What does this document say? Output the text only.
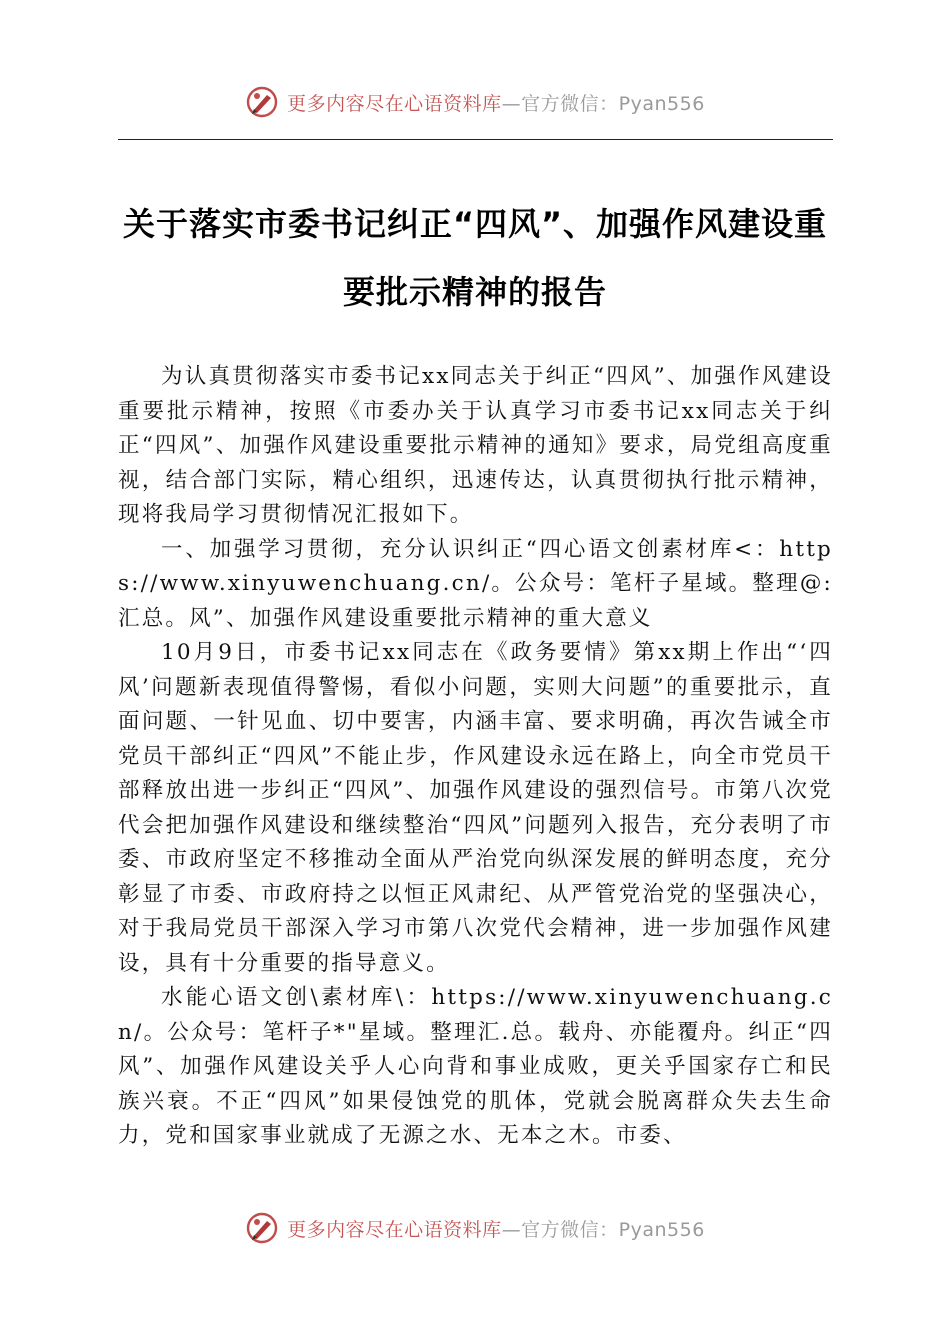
更多内容尽在心语资料库—官方微信：Pyan556
关于落实市委书记纠正“四风”、加强作风建设重要批示精神的报告

为认真贯彻落实市委书记xx同志关于纠正“四风”、加强作风建设重要批示精神，按照《市委办关于认真学习市委书记xx同志关于纠正“四风”、加强作风建设重要批示精神的通知》要求，局党组高度重视，结合部门实际，精心组织，迅速传达，认真贯彻执行批示精神，现将我局学习贯彻情况汇报如下。

一、加强学习贯彻，充分认识纠正“四心语文创素材库<：https://www.xinyuwenchuang.cn/。公众号：笔杆子星域。整理@:汇总。风”、加强作风建设重要批示精神的重大意义

10月9日，市委书记xx同志在《政务要情》第xx期上作出“‘四风’问题新表现值得警惕，看似小问题，实则大问题”的重要批示，直面问题、一针见血、切中要害，内涵丰富、要求明确，再次告诫全市党员干部纠正“四风”不能止步，作风建设永远在路上，向全市党员干部释放出进一步纠正“四风”、加强作风建设的强烈信号。市第八次党代会把加强作风建设和继续整治“四风”问题列入报告，充分表明了市委、市政府坚定不移推动全面从严治党向纵深发展的鲜明态度，充分彰显了市委、市政府持之以恒正风肃纪、从严管党治党的坚强决心，对于我局党员干部深入学习市第八次党代会精神，进一步加强作风建设，具有十分重要的指导意义。

水能心语文创\素材库\：https://www.xinyuwenchuang.cn/。公众号：笔杆子*"星域。整理汇.总。载舟、亦能覆舟。纠正“四风”、加强作风建设关乎人心向背和事业成败，更关乎国家存亡和民族兴衰。不正“四风”如果侵蚀党的肌体，党就会脱离群众失去生命力，党和国家事业就成了无源之水、无本之木。市委、

更多内容尽在心语资料库—官方微信：Pyan556
